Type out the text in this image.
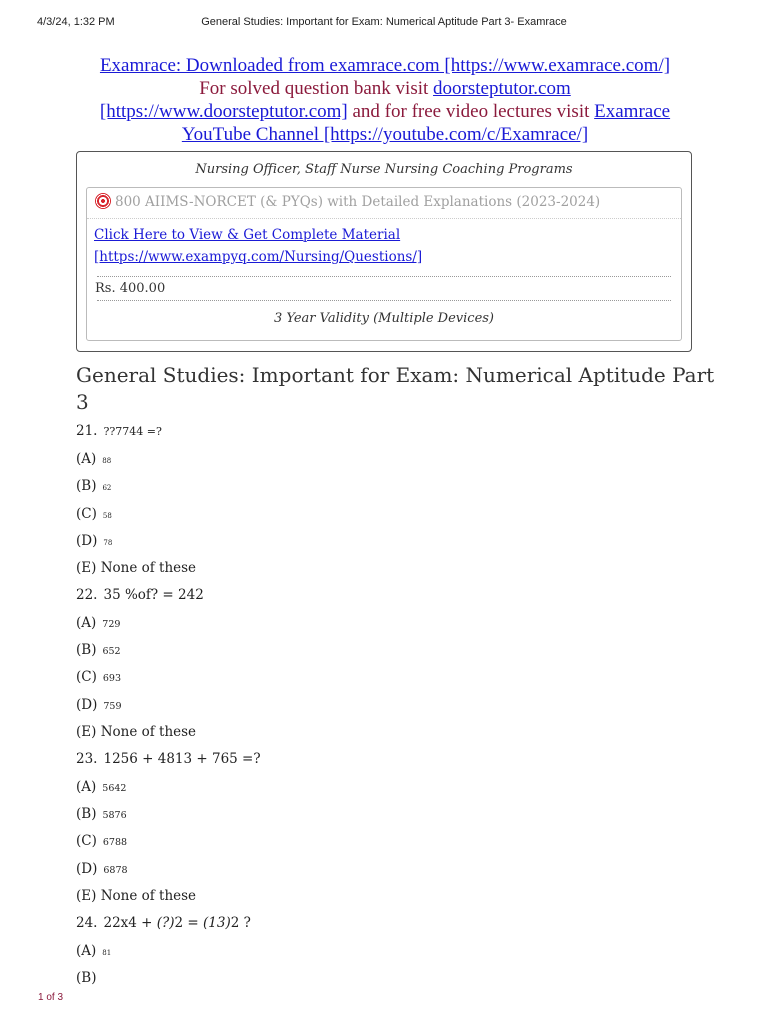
4/3/24, 1:32 PM	General Studies: Important for Exam: Numerical Aptitude Part 3- Examrace
Examrace: Downloaded from examrace.com [https://www.examrace.com/]
For solved question bank visit doorsteptutor.com
[https://www.doorsteptutor.com] and for free video lectures visit Examrace
YouTube Channel [https://youtube.com/c/Examrace/]
Nursing Officer, Staff Nurse Nursing Coaching Programs
800 AIIMS-NORCET (& PYQs) with Detailed Explanations (2023-2024)
Click Here to View & Get Complete Material
[https://www.exampyq.com/Nursing/Questions/]
Rs. 400.00
3 Year Validity (Multiple Devices)
General Studies: Important for Exam: Numerical Aptitude Part 3
21. ??7744 =?
(A) 88
(B) 62
(C) 58
(D) 78
(E) None of these
22. 35 %of? = 242
(A) 729
(B) 652
(C) 693
(D) 759
(E) None of these
23. 1256 + 4813 + 765 =?
(A) 5642
(B) 5876
(C) 6788
(D) 6878
(E) None of these
24. 22x4 + (?)2 = (13)2 ?
(A) 81
(B)
1 of 3
